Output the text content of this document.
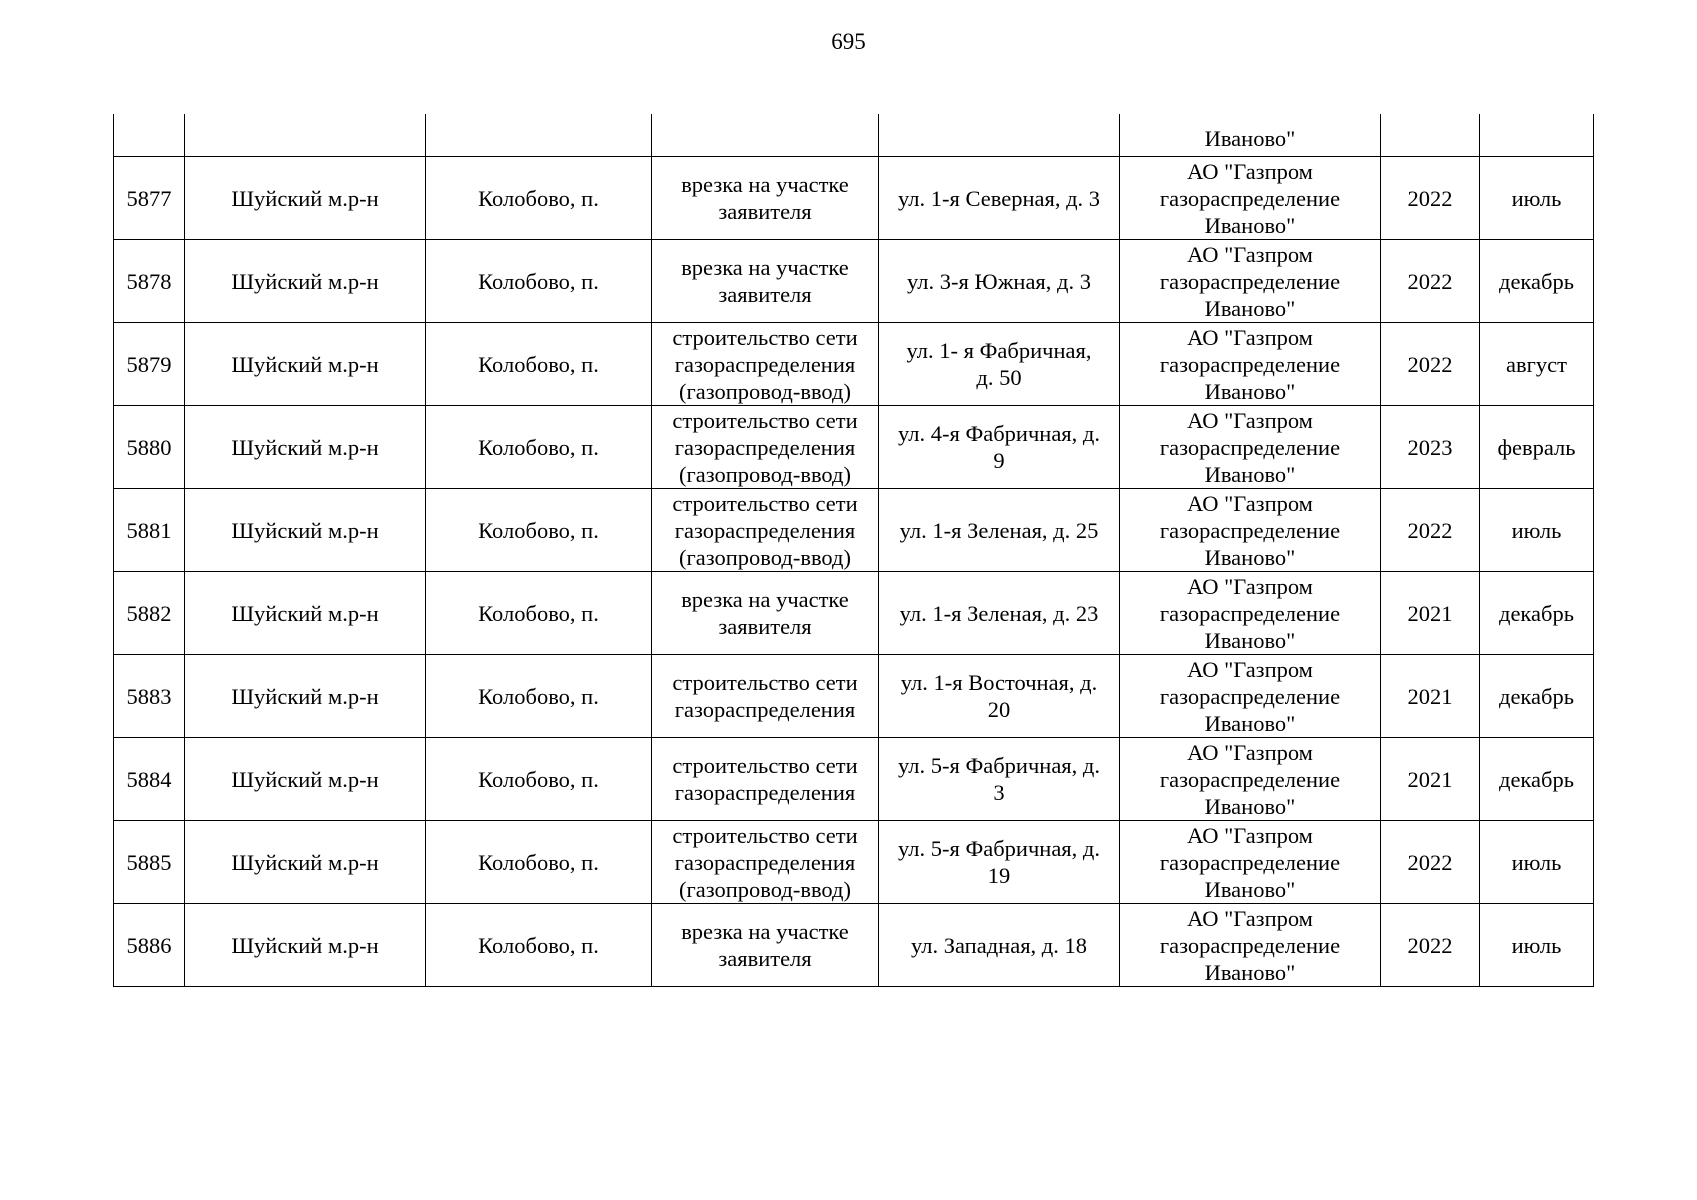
695
					Иваново"		
5877	Шуйский м.р-н	Колобово, п.	врезка на участке
заявителя	ул. 1-я Северная, д. 3	АО "Газпром
газораспределение
Иваново"	2022	июль
5878	Шуйский м.р-н	Колобово, п.	врезка на участке
заявителя	ул. 3-я Южная, д. 3	АО "Газпром
газораспределение
Иваново"	2022	декабрь
5879	Шуйский м.р-н	Колобово, п.	строительство сети
газораспределения
(газопровод-ввод)	ул. 1- я Фабричная,
д. 50	АО "Газпром
газораспределение
Иваново"	2022	август
5880	Шуйский м.р-н	Колобово, п.	строительство сети
газораспределения
(газопровод-ввод)	ул. 4-я Фабричная, д.
9	АО "Газпром
газораспределение
Иваново"	2023	февраль
5881	Шуйский м.р-н	Колобово, п.	строительство сети
газораспределения
(газопровод-ввод)	ул. 1-я Зеленая, д. 25	АО "Газпром
газораспределение
Иваново"	2022	июль
5882	Шуйский м.р-н	Колобово, п.	врезка на участке
заявителя	ул. 1-я Зеленая, д. 23	АО "Газпром
газораспределение
Иваново"	2021	декабрь
5883	Шуйский м.р-н	Колобово, п.	строительство сети
газораспределения	ул. 1-я Восточная, д.
20	АО "Газпром
газораспределение
Иваново"	2021	декабрь
5884	Шуйский м.р-н	Колобово, п.	строительство сети
газораспределения	ул. 5-я Фабричная, д.
3	АО "Газпром
газораспределение
Иваново"	2021	декабрь
5885	Шуйский м.р-н	Колобово, п.	строительство сети
газораспределения
(газопровод-ввод)	ул. 5-я Фабричная, д.
19	АО "Газпром
газораспределение
Иваново"	2022	июль
5886	Шуйский м.р-н	Колобово, п.	врезка на участке
заявителя	ул. Западная, д. 18	АО "Газпром
газораспределение
Иваново"	2022	июль
